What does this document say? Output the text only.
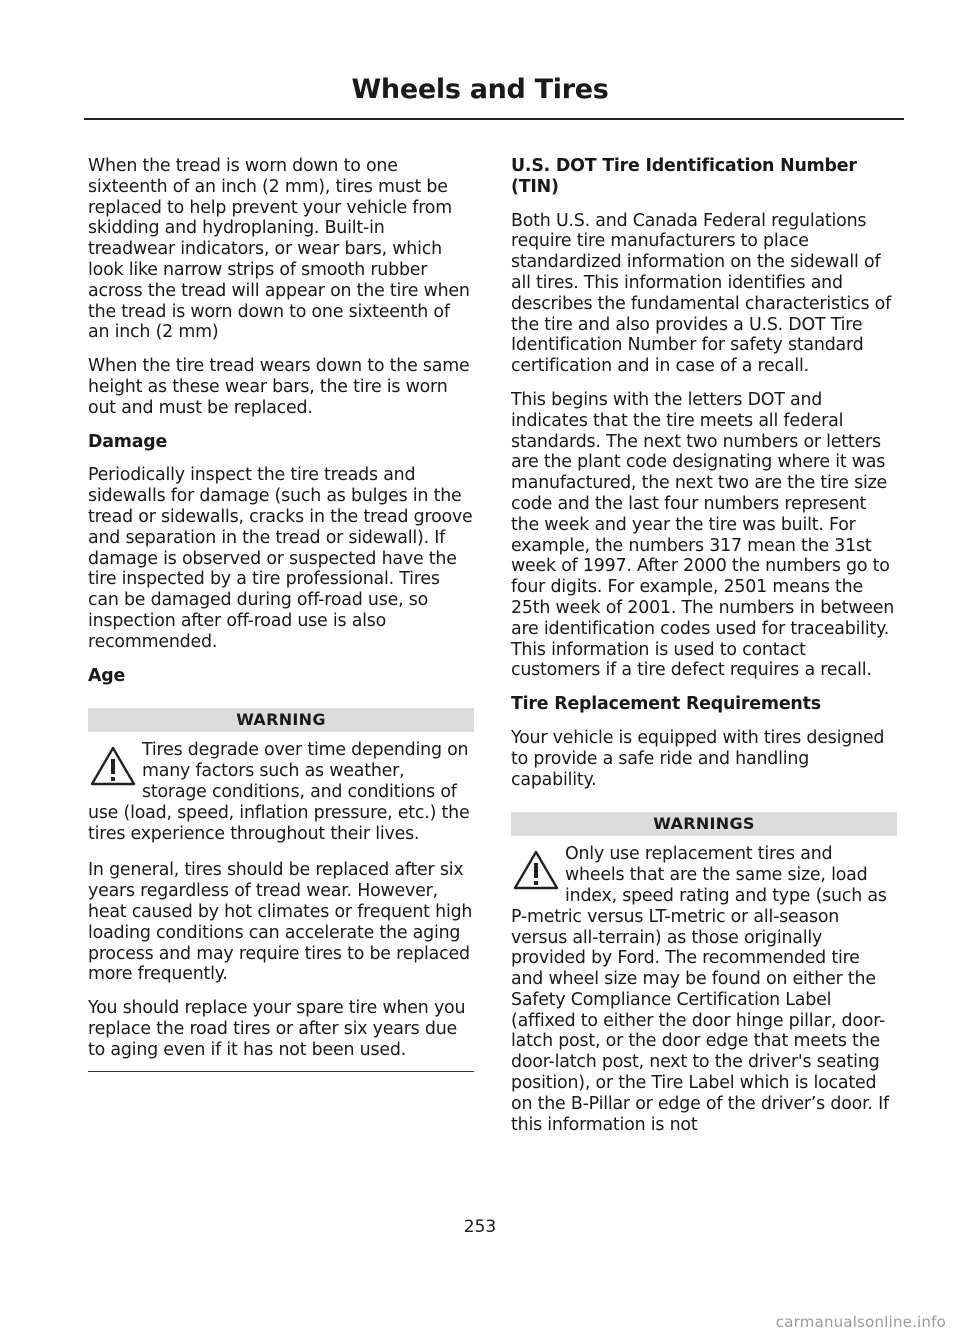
Wheels and Tires

When the tread is worn down to one sixteenth of an inch (2 mm), tires must be replaced to help prevent your vehicle from skidding and hydroplaning. Built-in treadwear indicators, or wear bars, which look like narrow strips of smooth rubber across the tread will appear on the tire when the tread is worn down to one sixteenth of an inch (2 mm)

When the tire tread wears down to the same height as these wear bars, the tire is worn out and must be replaced.

Damage

Periodically inspect the tire treads and sidewalls for damage (such as bulges in the tread or sidewalls, cracks in the tread groove and separation in the tread or sidewall). If damage is observed or suspected have the tire inspected by a tire professional. Tires can be damaged during off-road use, so inspection after off-road use is also recommended.

Age
WARNING
Tires degrade over time depending on many factors such as weather, storage conditions, and conditions of use (load, speed, inflation pressure, etc.) the tires experience throughout their lives.

In general, tires should be replaced after six years regardless of tread wear. However, heat caused by hot climates or frequent high loading conditions can accelerate the aging process and may require tires to be replaced more frequently.

You should replace your spare tire when you replace the road tires or after six years due to aging even if it has not been used.

U.S. DOT Tire Identification Number (TIN)

Both U.S. and Canada Federal regulations require tire manufacturers to place standardized information on the sidewall of all tires. This information identifies and describes the fundamental characteristics of the tire and also provides a U.S. DOT Tire Identification Number for safety standard certification and in case of a recall.

This begins with the letters DOT and indicates that the tire meets all federal standards. The next two numbers or letters are the plant code designating where it was manufactured, the next two are the tire size code and the last four numbers represent the week and year the tire was built. For example, the numbers 317 mean the 31st week of 1997. After 2000 the numbers go to four digits. For example, 2501 means the 25th week of 2001. The numbers in between are identification codes used for traceability. This information is used to contact customers if a tire defect requires a recall.

Tire Replacement Requirements

Your vehicle is equipped with tires designed to provide a safe ride and handling capability.

WARNINGS
Only use replacement tires and wheels that are the same size, load index, speed rating and type (such as P-metric versus LT-metric or all-season versus all-terrain) as those originally provided by Ford. The recommended tire and wheel size may be found on either the Safety Compliance Certification Label (affixed to either the door hinge pillar, door-latch post, or the door edge that meets the door-latch post, next to the driver's seating position), or the Tire Label which is located on the B-Pillar or edge of the driver’s door. If this information is not
253
carmanualsonline.info
